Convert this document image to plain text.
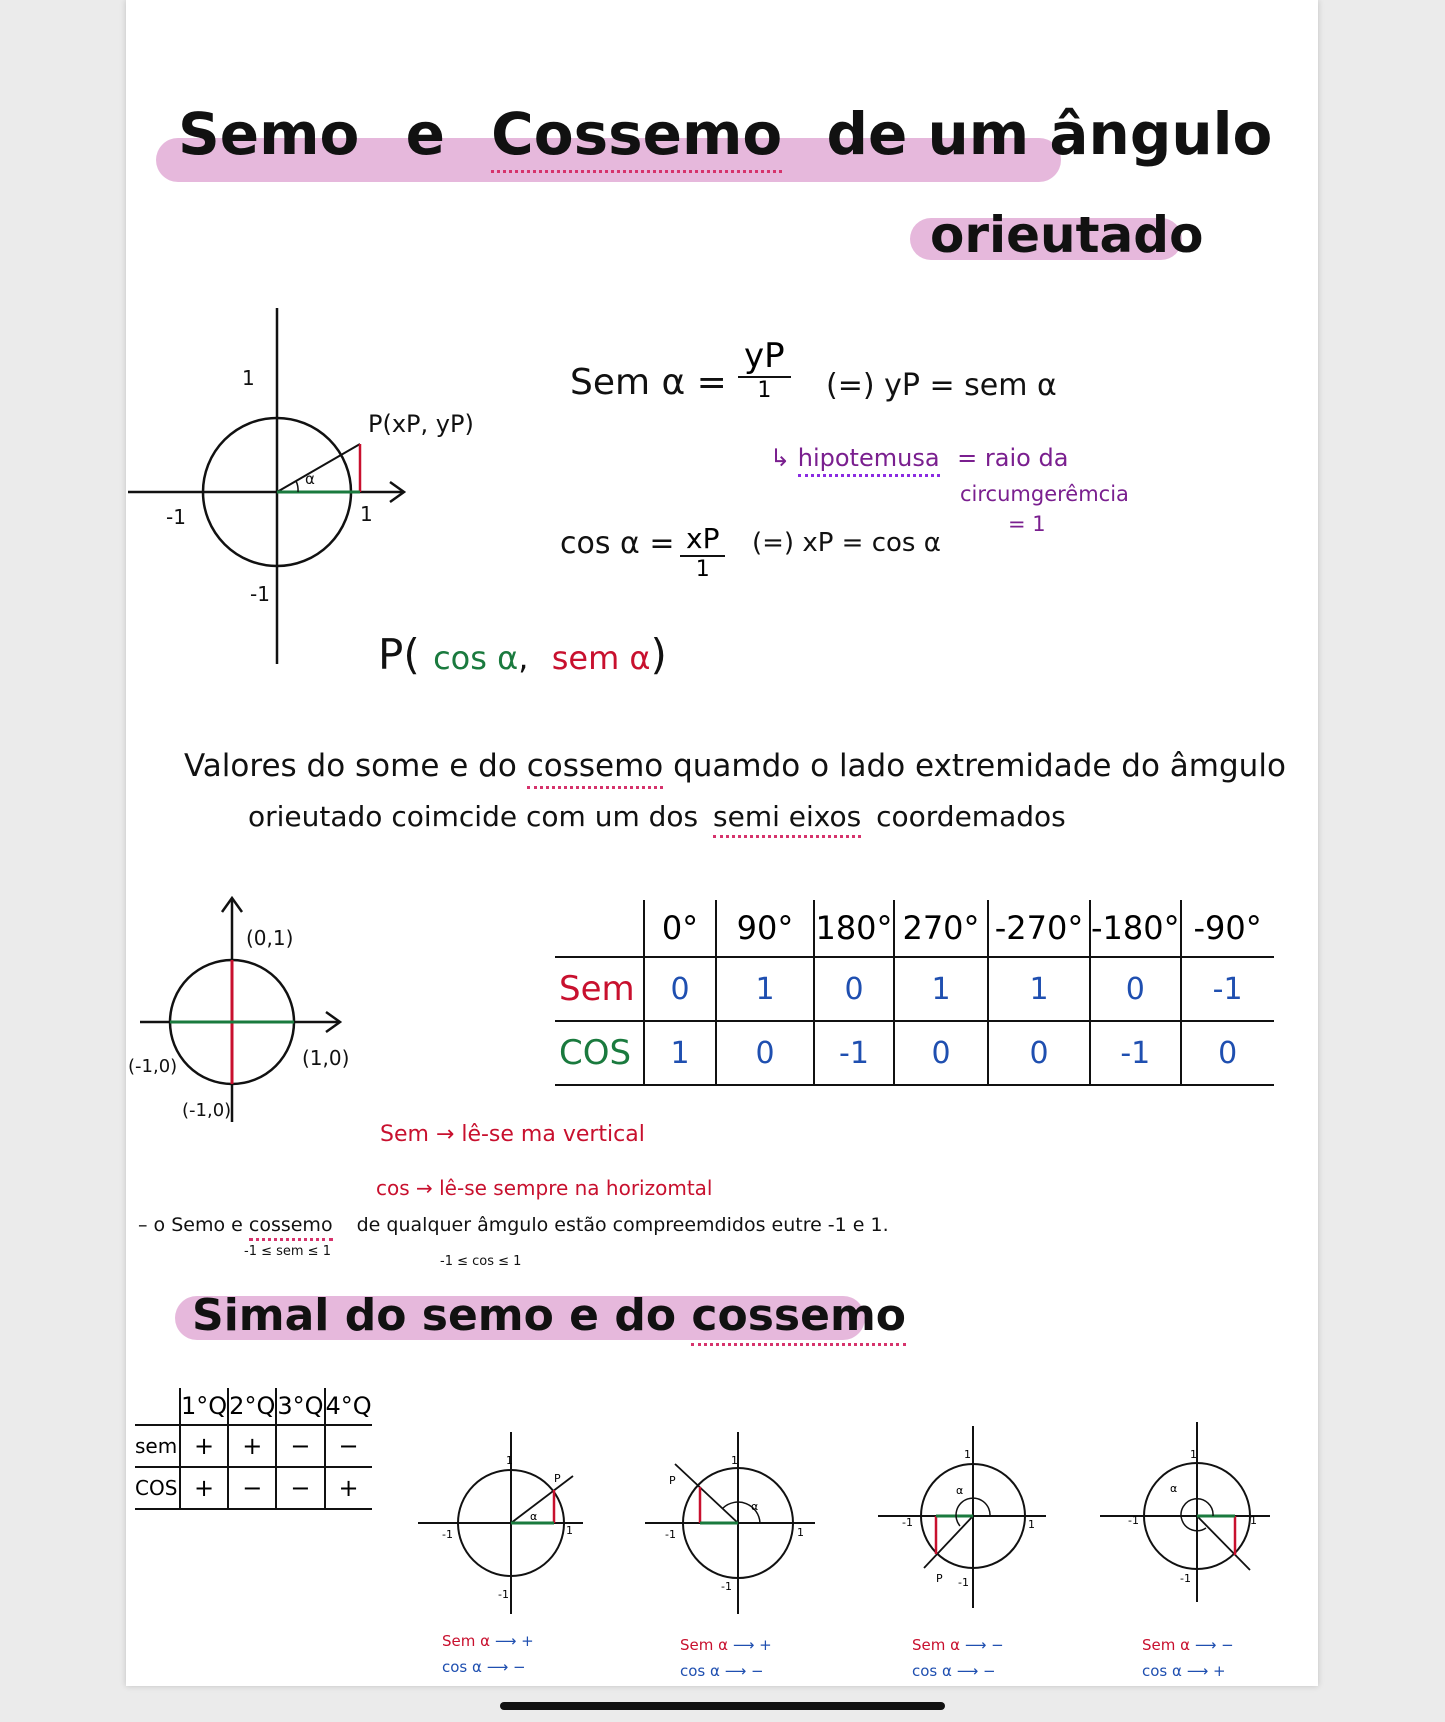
Semo e Cossemo de um ângulo
orieutado
1
-1	1
-1
P(xP, yP)
α
Sem α =
yP
1	(=) yP = sem α
↳ hipotemusa = raio da
circumgerêmcia
= 1
cos α = xP
1
(=) xP = cos α
P( cos α, sem α)
Valores do some e do cossemo quamdo o lado extremidade do âmgulo
orieutado coimcide com um dos semi eixos coordemados
(0,1)
(-1,0)	(1,0)
(-1,0)
	0°	90°	180°	270°	-270°	-180°	-90°
Sem	0	1	0	1	1	0	-1
COS	1	0	-1	0	0	-1	0
Sem → lê-se ma vertical
cos → lê-se sempre na horizomtal
– o Semo e cossemo de qualquer âmgulo estão compreemdidos eutre -1 e 1.
-1 ≤ sem ≤ 1
-1 ≤ cos ≤ 1
Simal do semo e do cossemo
	1°Q	2°Q	3°Q	4°Q
sem	+	+	−	−
COS	+	−	−	+
1
-1	1
-1
P
α
1
-1	1
-1
P
α
1
-1	1
-1
P
α
1
-1	1
-1
α
Sem α ⟶ +
cos α ⟶ −
Sem α ⟶ +
cos α ⟶ −
Sem α ⟶ −
cos α ⟶ −
Sem α ⟶ −
cos α ⟶ +
